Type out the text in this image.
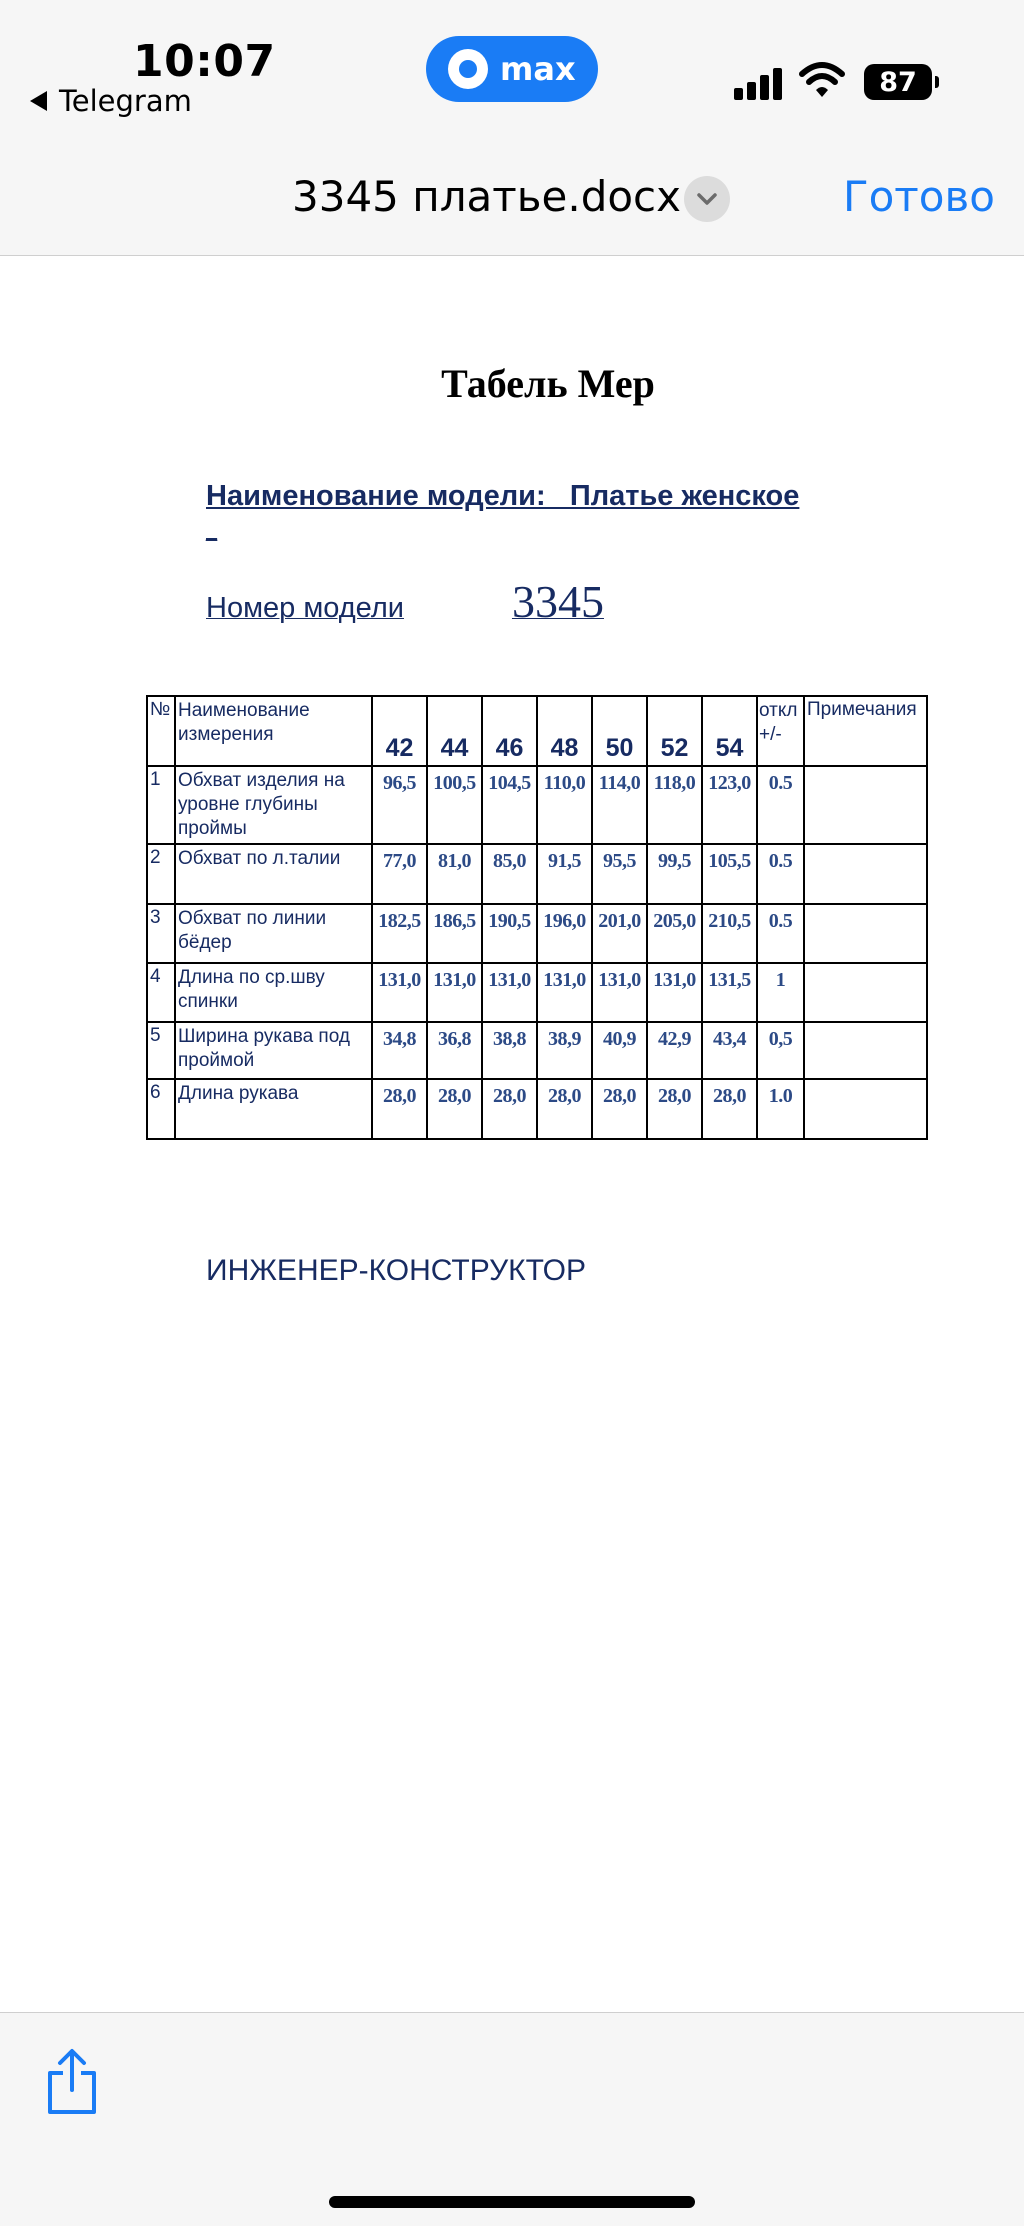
10:07
Telegram
max	87
3345 платье.docx	Готово
Табель Мер
Наименование модели: _Платье женское
_
Номер модели 3345
№	Наименование измерения	42	44	46	48	50	52	54	откл +/-	Примечания
1	Обхват изделия на уровне глубины проймы	96,5	100,5	104,5	110,0	114,0	118,0	123,0	0.5	
2	Обхват по л.талии	77,0	81,0	85,0	91,5	95,5	99,5	105,5	0.5	
3	Обхват по линии бёдер	182,5	186,5	190,5	196,0	201,0	205,0	210,5	0.5	
4	Длина по ср.шву спинки	131,0	131,0	131,0	131,0	131,0	131,0	131,5	1	
5	Ширина рукава под проймой	34,8	36,8	38,8	38,9	40,9	42,9	43,4	0,5	
6	Длина рукава	28,0	28,0	28,0	28,0	28,0	28,0	28,0	1.0	
ИНЖЕНЕР-КОНСТРУКТОР
